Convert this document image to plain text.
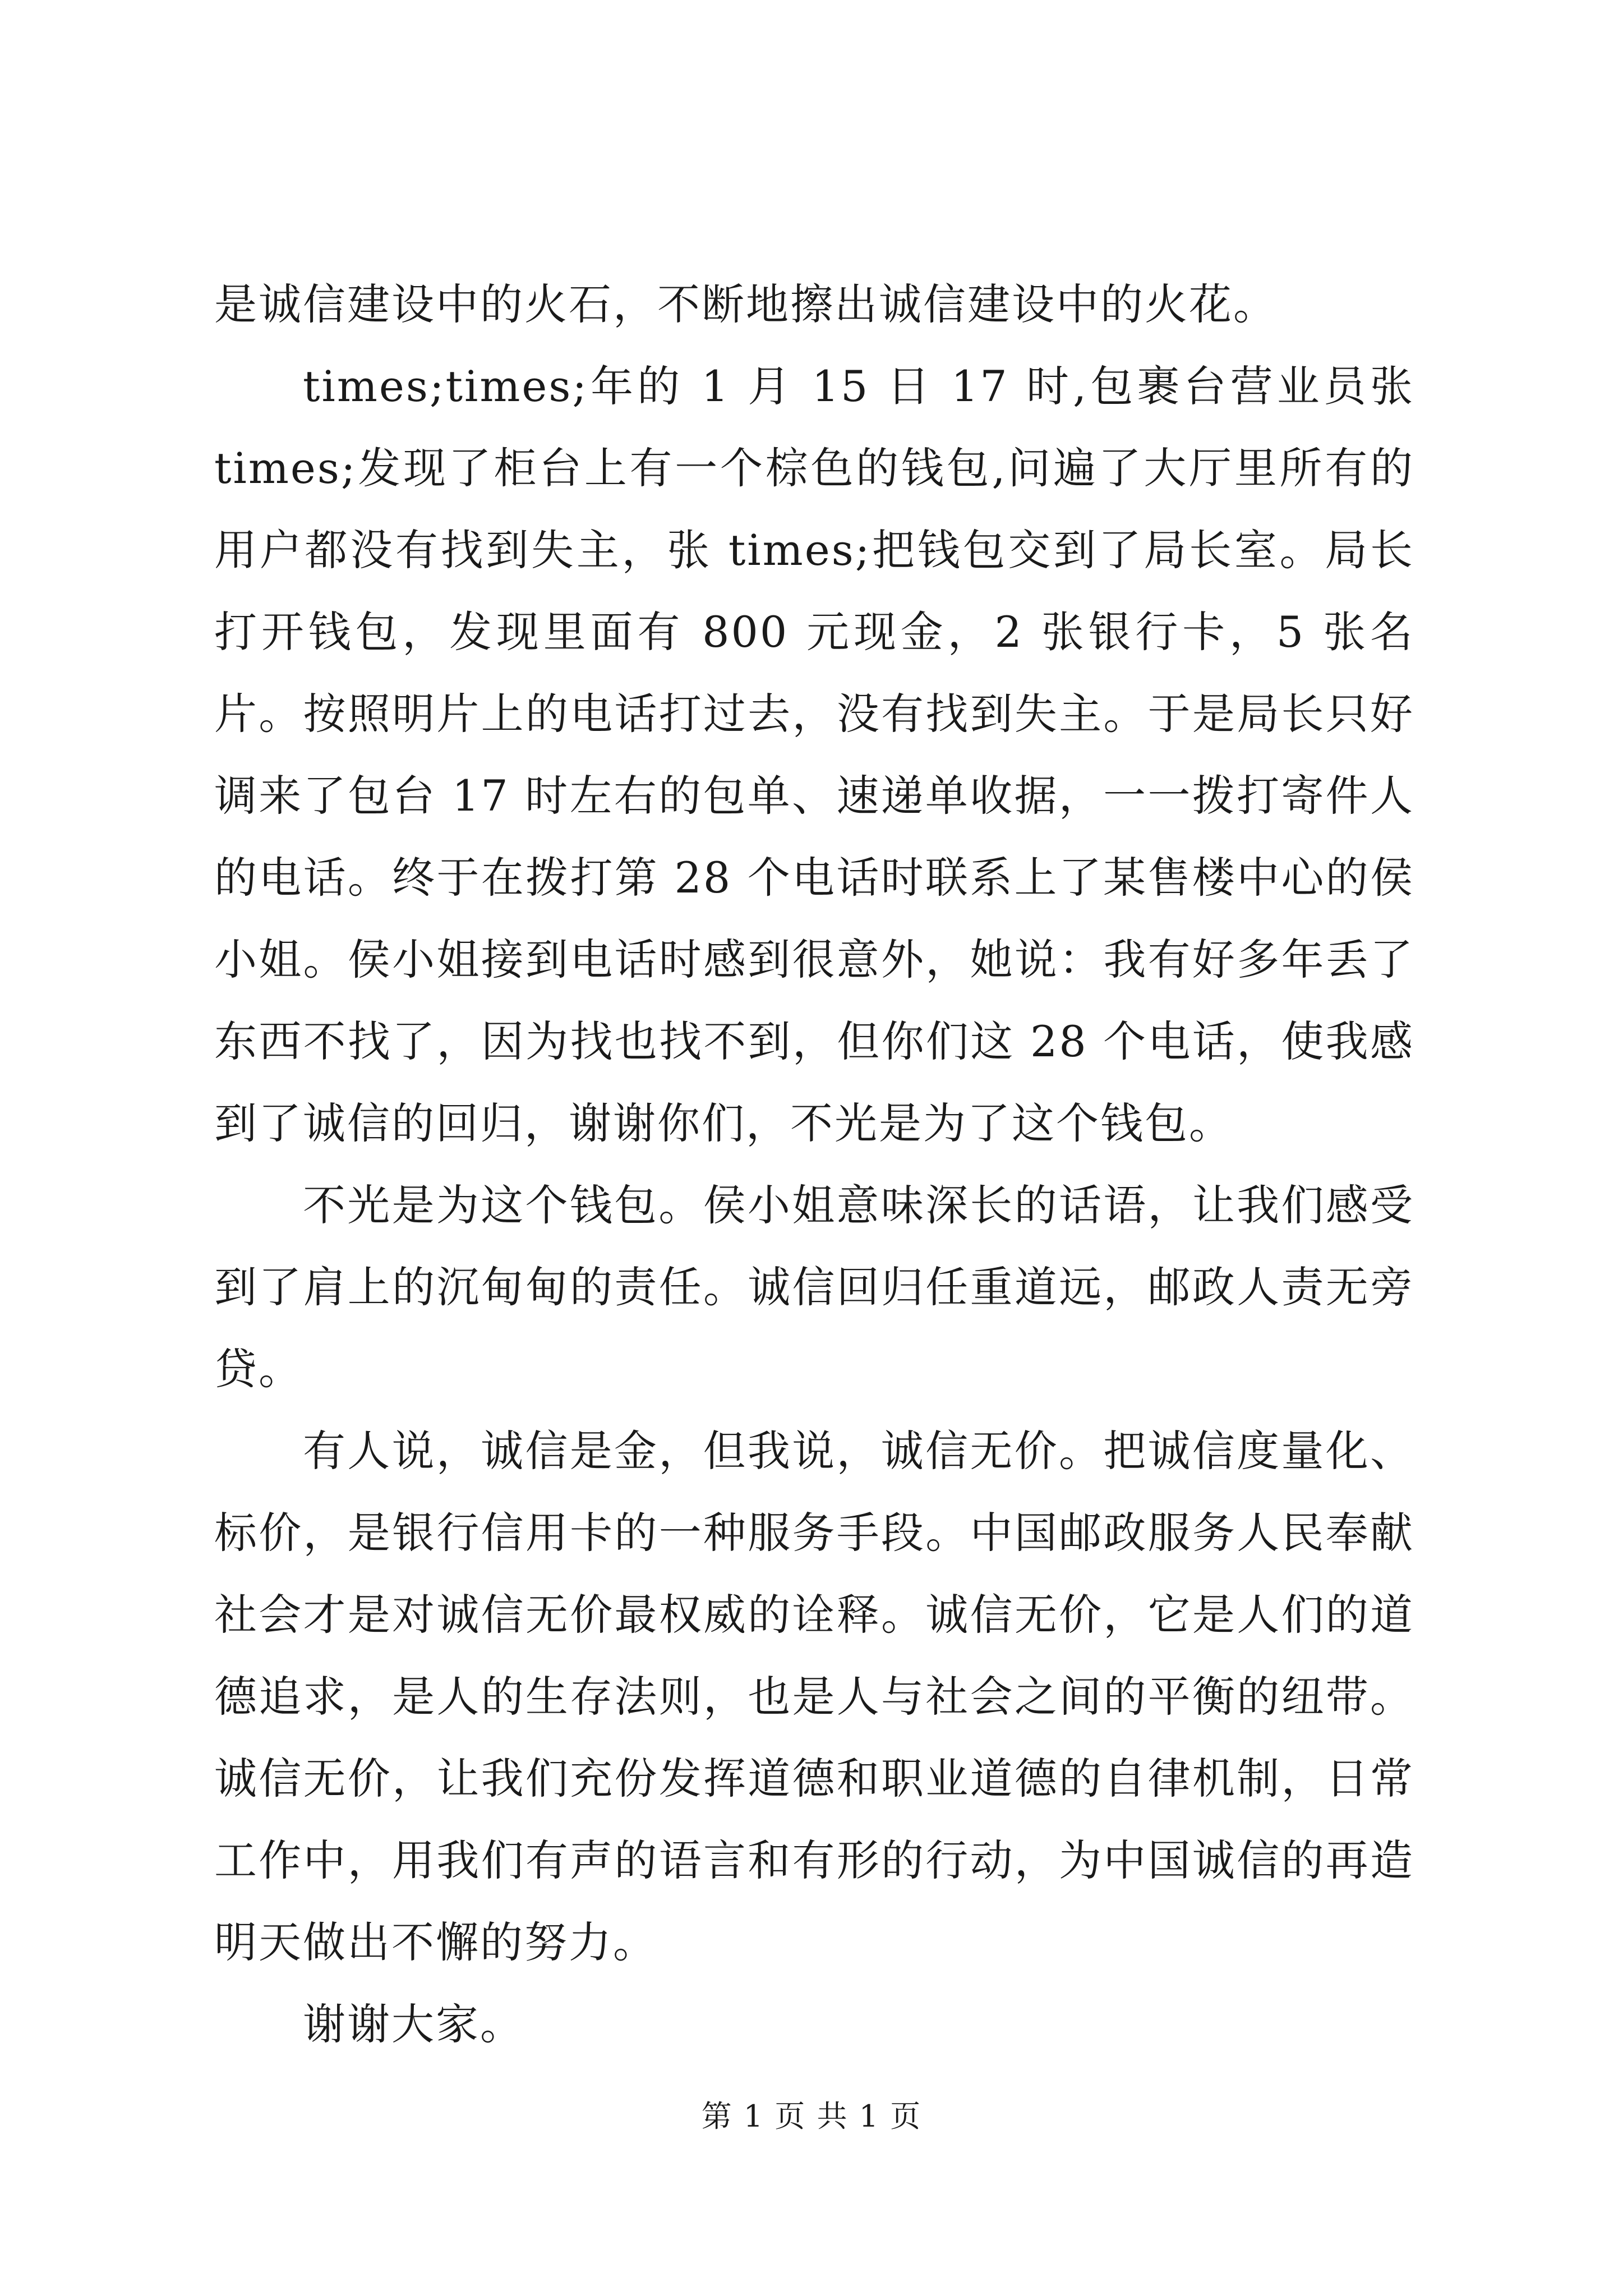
是诚信建设中的火石，不断地擦出诚信建设中的火花。

times;times;年的 1 月 15 日 17 时,包裹台营业员张 times;发现了柜台上有一个棕色的钱包,问遍了大厅里所有的用户都没有找到失主，张 times;把钱包交到了局长室。局长打开钱包，发现里面有 800 元现金，2 张银行卡，5 张名片。按照明片上的电话打过去，没有找到失主。于是局长只好调来了包台 17 时左右的包单、速递单收据，一一拨打寄件人的电话。终于在拨打第 28 个电话时联系上了某售楼中心的侯小姐。侯小姐接到电话时感到很意外，她说：我有好多年丢了东西不找了，因为找也找不到，但你们这 28 个电话，使我感到了诚信的回归，谢谢你们，不光是为了这个钱包。

不光是为这个钱包。侯小姐意味深长的话语，让我们感受到了肩上的沉甸甸的责任。诚信回归任重道远，邮政人责无旁贷。

有人说，诚信是金，但我说，诚信无价。把诚信度量化、标价，是银行信用卡的一种服务手段。中国邮政服务人民奉献社会才是对诚信无价最权威的诠释。诚信无价，它是人们的道德追求，是人的生存法则，也是人与社会之间的平衡的纽带。诚信无价，让我们充份发挥道德和职业道德的自律机制，日常工作中，用我们有声的语言和有形的行动，为中国诚信的再造明天做出不懈的努力。

谢谢大家。

第 1 页 共 1 页
